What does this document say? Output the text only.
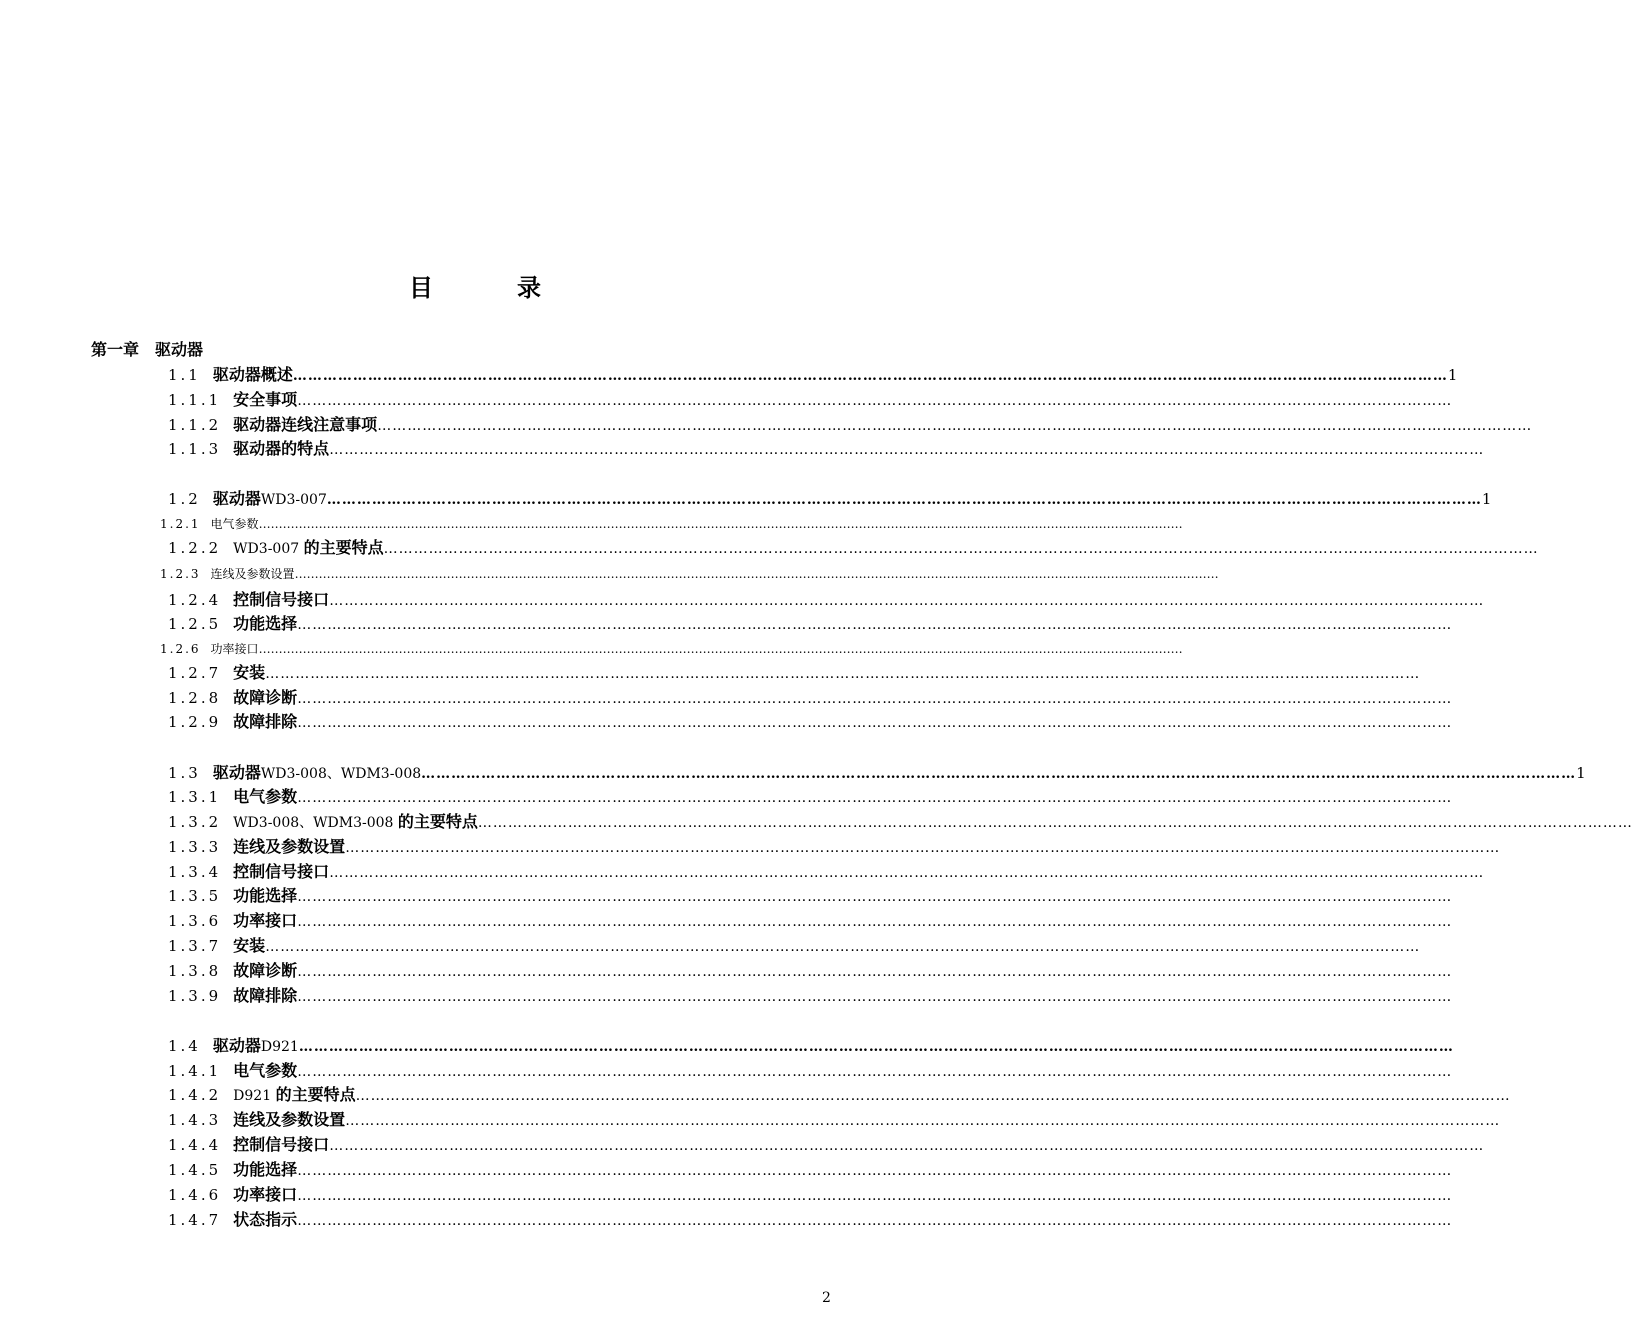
目　录
第一章　驱动器
1.1 驱动器概述 …………………………………………………………………………………………………………………………………………………………………………………………………………… 1
1.1.1 安全事项 ……………………………………………………………………………………………………………………………………………………………………………………………………………
1.1.2 驱动器连线注意事项 ……………………………………………………………………………………………………………………………………………………………………………………………………………
1.1.3 驱动器的特点 ……………………………………………………………………………………………………………………………………………………………………………………………………………
1.2 驱动器WD3-007 …………………………………………………………………………………………………………………………………………………………………………………………………………… 1
1.2.1 电气参数 ……………………………………………………………………………………………………………………………………………………………………………………………………………
1.2.2 WD3-007 的主要特点 ……………………………………………………………………………………………………………………………………………………………………………………………………………
1.2.3 连线及参数设置 ……………………………………………………………………………………………………………………………………………………………………………………………………………
1.2.4 控制信号接口 ……………………………………………………………………………………………………………………………………………………………………………………………………………
1.2.5 功能选择 ……………………………………………………………………………………………………………………………………………………………………………………………………………
1.2.6 功率接口 ……………………………………………………………………………………………………………………………………………………………………………………………………………
1.2.7 安装 ……………………………………………………………………………………………………………………………………………………………………………………………………………
1.2.8 故障诊断 ……………………………………………………………………………………………………………………………………………………………………………………………………………
1.2.9 故障排除 ……………………………………………………………………………………………………………………………………………………………………………………………………………
1.3 驱动器WD3-008、WDM3-008 …………………………………………………………………………………………………………………………………………………………………………………………………………… 1
1.3.1 电气参数 ……………………………………………………………………………………………………………………………………………………………………………………………………………
1.3.2 WD3-008、WDM3-008 的主要特点 ……………………………………………………………………………………………………………………………………………………………………………………………………………
1.3.3 连线及参数设置 ……………………………………………………………………………………………………………………………………………………………………………………………………………
1.3.4 控制信号接口 ……………………………………………………………………………………………………………………………………………………………………………………………………………
1.3.5 功能选择 ……………………………………………………………………………………………………………………………………………………………………………………………………………
1.3.6 功率接口 ……………………………………………………………………………………………………………………………………………………………………………………………………………
1.3.7 安装 ……………………………………………………………………………………………………………………………………………………………………………………………………………
1.3.8 故障诊断 ……………………………………………………………………………………………………………………………………………………………………………………………………………
1.3.9 故障排除 ……………………………………………………………………………………………………………………………………………………………………………………………………………
1.4 驱动器D921 ……………………………………………………………………………………………………………………………………………………………………………………………………………
1.4.1 电气参数 ……………………………………………………………………………………………………………………………………………………………………………………………………………
1.4.2 D921 的主要特点 ……………………………………………………………………………………………………………………………………………………………………………………………………………
1.4.3 连线及参数设置 ……………………………………………………………………………………………………………………………………………………………………………………………………………
1.4.4 控制信号接口 ……………………………………………………………………………………………………………………………………………………………………………………………………………
1.4.5 功能选择 ……………………………………………………………………………………………………………………………………………………………………………………………………………
1.4.6 功率接口 ……………………………………………………………………………………………………………………………………………………………………………………………………………
1.4.7 状态指示 ……………………………………………………………………………………………………………………………………………………………………………………………………………
2
